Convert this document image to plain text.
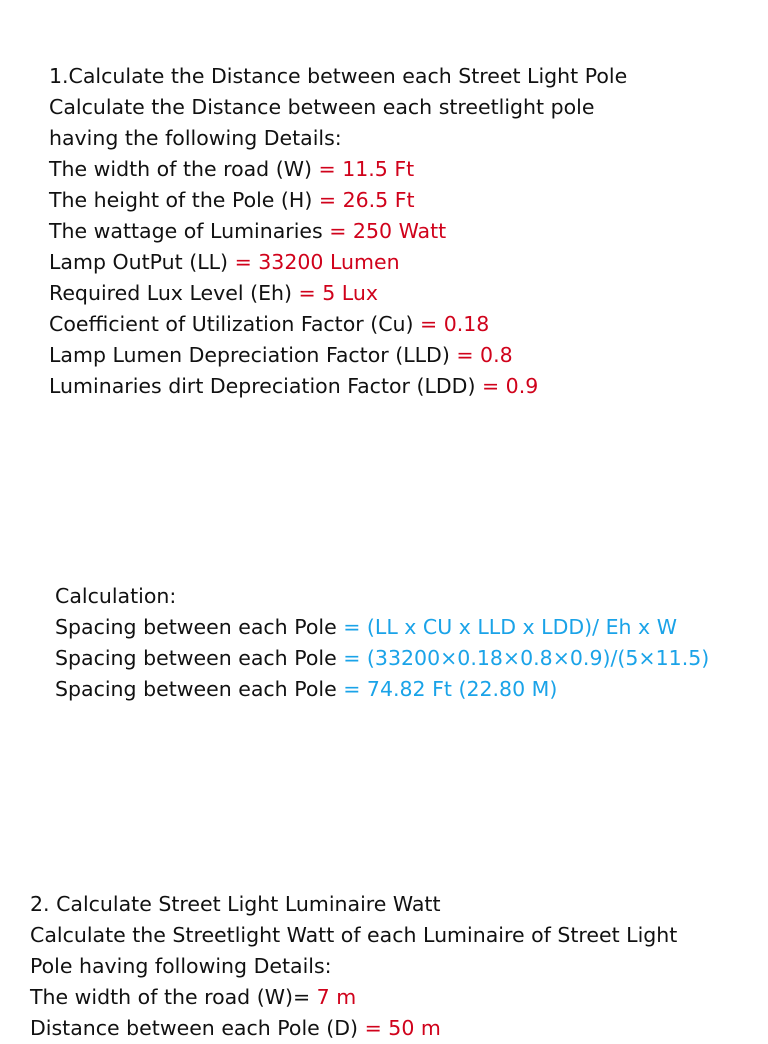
1.Calculate the Distance between each Street Light Pole
Calculate the Distance between each streetlight pole
having the following Details:
The width of the road (W) = 11.5 Ft
The height of the Pole (H) = 26.5 Ft
The wattage of Luminaries = 250 Watt
Lamp OutPut (LL) = 33200 Lumen
Required Lux Level (Eh) = 5 Lux
Coefficient of Utilization Factor (Cu) = 0.18
Lamp Lumen Depreciation Factor (LLD) = 0.8
Luminaries dirt Depreciation Factor (LDD) = 0.9
Calculation:
Spacing between each Pole = (LL x CU x LLD x LDD)/ Eh x W
Spacing between each Pole = (33200×0.18×0.8×0.9)/(5×11.5)
Spacing between each Pole = 74.82 Ft (22.80 M)
2. Calculate Street Light Luminaire Watt
Calculate the Streetlight Watt of each Luminaire of Street Light
Pole having following Details:
The width of the road (W)= 7 m
Distance between each Pole (D) = 50 m
